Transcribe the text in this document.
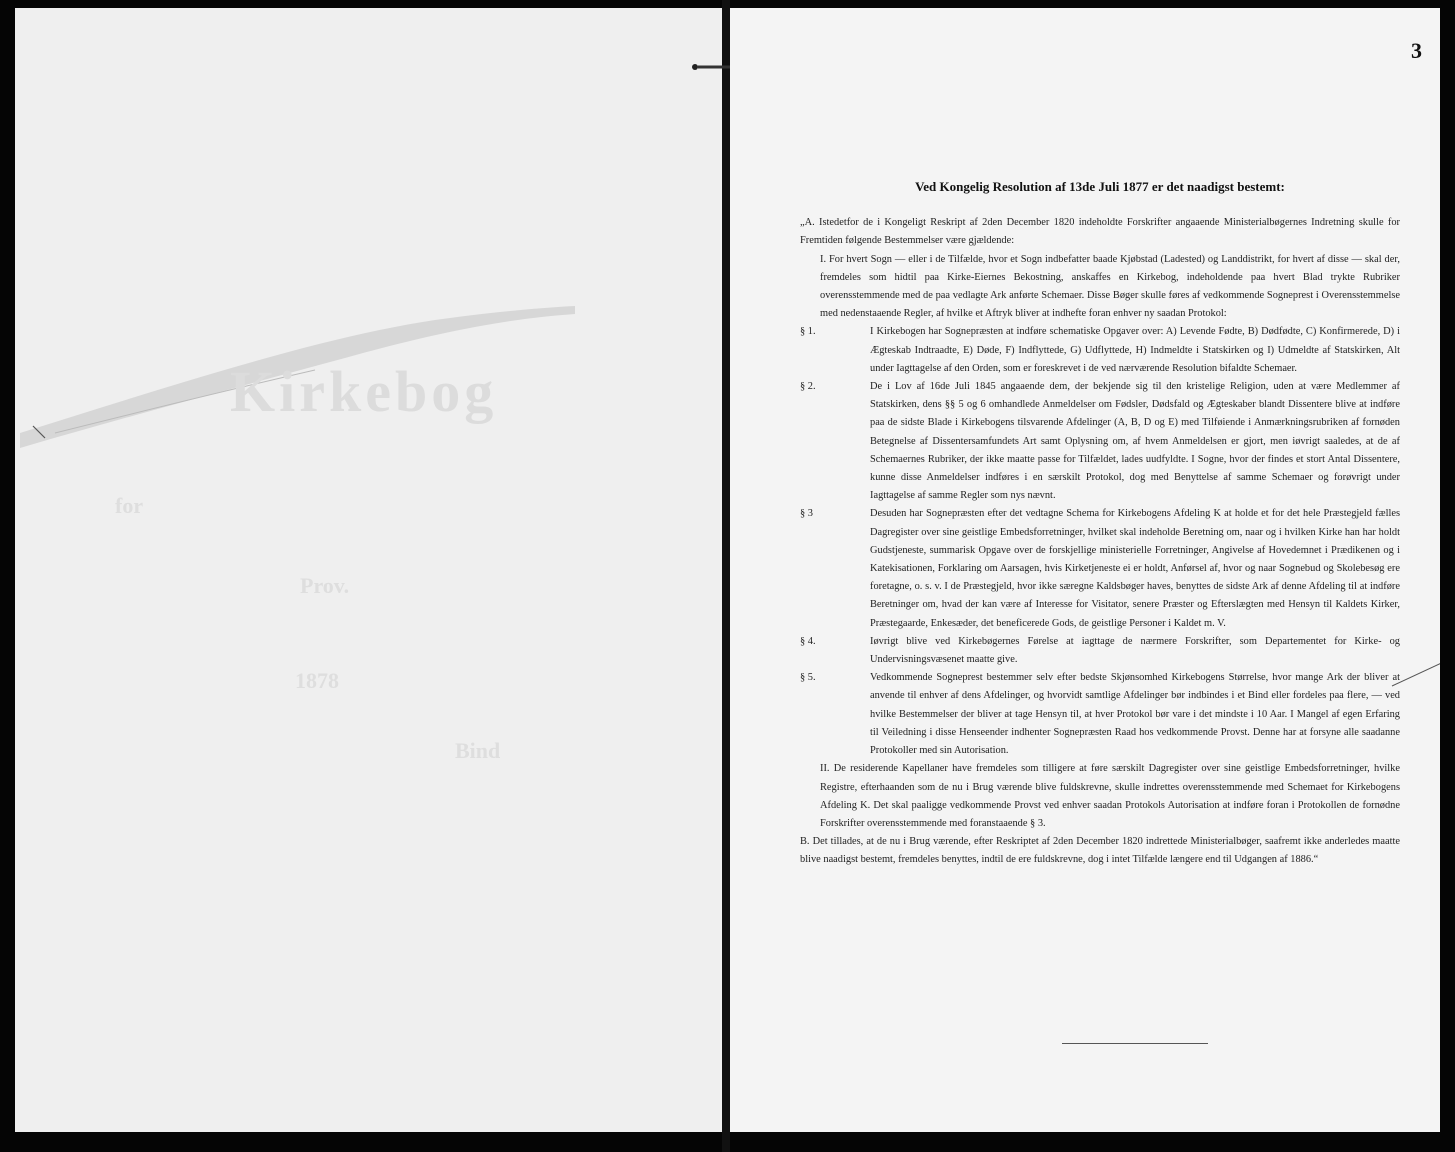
Kirkebog
for
Prov.
1878
Bind
3

Ved Kongelig Resolution af 13de Juli 1877 er det naadigst bestemt:

„A. Istedetfor de i Kongeligt Reskript af 2den December 1820 indeholdte Forskrifter angaaende Ministerialbøgernes Indretning skulle for Fremtiden følgende Bestemmelser være gjældende:

I. For hvert Sogn — eller i de Tilfælde, hvor et Sogn indbefatter baade Kjøbstad (Ladested) og Landdistrikt, for hvert af disse — skal der, fremdeles som hidtil paa Kirke-Eiernes Bekostning, anskaffes en Kirkebog, indeholdende paa hvert Blad trykte Rubriker overensstemmende med de paa vedlagte Ark anførte Schemaer. Disse Bøger skulle føres af vedkommende Sogneprest i Overensstemmelse med nedenstaaende Regler, af hvilke et Aftryk bliver at indhefte foran enhver ny saadan Protokol:

§ 1.	I Kirkebogen har Sognepræsten at indføre schematiske Opgaver over: A) Levende Fødte, B) Dødfødte, C) Konfirmerede, D) i Ægteskab Indtraadte, E) Døde, F) Indflyttede, G) Udflyttede, H) Indmeldte i Statskirken og I) Udmeldte af Statskirken, Alt under Iagttagelse af den Orden, som er foreskrevet i de ved nærværende Resolution bifaldte Schemaer.

§ 2.	De i Lov af 16de Juli 1845 angaaende dem, der bekjende sig til den kristelige Religion, uden at være Medlemmer af Statskirken, dens §§ 5 og 6 omhandlede Anmeldelser om Fødsler, Dødsfald og Ægteskaber blandt Dissentere blive at indføre paa de sidste Blade i Kirkebogens tilsvarende Afdelinger (A, B, D og E) med Tilføiende i Anmærkningsrubriken af fornøden Betegnelse af Dissentersamfundets Art samt Oplysning om, af hvem Anmeldelsen er gjort, men iøvrigt saaledes, at de af Schemaernes Rubriker, der ikke maatte passe for Tilfældet, lades uudfyldte. I Sogne, hvor der findes et stort Antal Dissentere, kunne disse Anmeldelser indføres i en særskilt Protokol, dog med Benyttelse af samme Schemaer og forøvrigt under Iagttagelse af samme Regler som nys nævnt.

§ 3	Desuden har Sognepræsten efter det vedtagne Schema for Kirkebogens Afdeling K at holde et for det hele Præstegjeld fælles Dagregister over sine geistlige Embedsforretninger, hvilket skal indeholde Beretning om, naar og i hvilken Kirke han har holdt Gudstjeneste, summarisk Opgave over de forskjellige ministerielle Forretninger, Angivelse af Hovedemnet i Prædikenen og i Katekisationen, Forklaring om Aarsagen, hvis Kirketjeneste ei er holdt, Anførsel af, hvor og naar Sognebud og Skolebesøg ere foretagne, o. s. v. I de Præstegjeld, hvor ikke særegne Kaldsbøger haves, benyttes de sidste Ark af denne Afdeling til at indføre Beretninger om, hvad der kan være af Interesse for Visitator, senere Præster og Efterslægten med Hensyn til Kaldets Kirker, Præstegaarde, Enkesæder, det beneficerede Gods, de geistlige Personer i Kaldet m. V.

§ 4.	Iøvrigt blive ved Kirkebøgernes Førelse at iagttage de nærmere Forskrifter, som Departementet for Kirke- og Undervisningsvæsenet maatte give.

§ 5.	Vedkommende Sogneprest bestemmer selv efter bedste Skjønsomhed Kirkebogens Størrelse, hvor mange Ark der bliver at anvende til enhver af dens Afdelinger, og hvorvidt samtlige Afdelinger bør indbindes i et Bind eller fordeles paa flere, — ved hvilke Bestemmelser der bliver at tage Hensyn til, at hver Protokol bør vare i det mindste i 10 Aar. I Mangel af egen Erfaring til Veiledning i disse Henseender indhenter Sognepræsten Raad hos vedkommende Provst. Denne har at forsyne alle saadanne Protokoller med sin Autorisation.

II. De residerende Kapellaner have fremdeles som tilligere at føre særskilt Dagregister over sine geistlige Embedsforretninger, hvilke Registre, efterhaanden som de nu i Brug værende blive fuldskrevne, skulle indrettes overensstemmende med Schemaet for Kirkebogens Afdeling K. Det skal paaligge vedkommende Provst ved enhver saadan Protokols Autorisation at indføre foran i Protokollen de fornødne Forskrifter overensstemmende med foranstaaende § 3.

B. Det tillades, at de nu i Brug værende, efter Reskriptet af 2den December 1820 indrettede Ministerialbøger, saafremt ikke anderledes maatte blive naadigst bestemt, fremdeles benyttes, indtil de ere fuldskrevne, dog i intet Tilfælde længere end til Udgangen af 1886.“
